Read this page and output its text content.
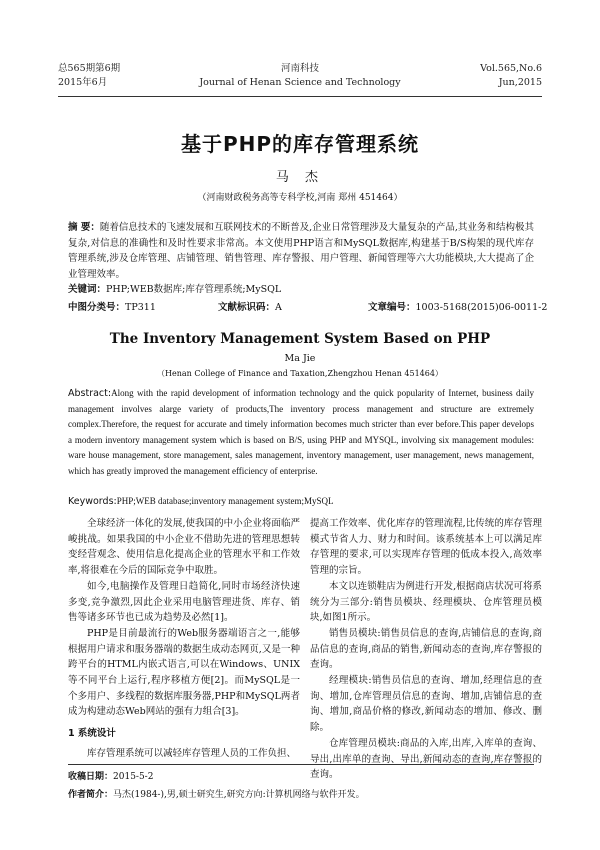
总565期第6期
2015年6月
河南科技
Journal of Henan Science and Technology
Vol.565,No.6
Jun,2015
基于PHP的库存管理系统
马 杰
（河南财政税务高等专科学校,河南 郑州 451464）
摘 要：随着信息技术的飞速发展和互联网技术的不断普及,企业日常管理涉及大量复杂的产品,其业务和结构极其复杂,对信息的准确性和及时性要求非常高。本文使用PHP语言和MySQL数据库,构建基于B/S构架的现代库存管理系统,涉及仓库管理、店铺管理、销售管理、库存警报、用户管理、新闻管理等六大功能模块,大大提高了企业管理效率。
关键词：PHP;WEB数据库;库存管理系统;MySQL
中图分类号：TP311	文献标识码：A	文章编号：1003-5168(2015)06-0011-2
The Inventory Management System Based on PHP
Ma Jie
（Henan College of Finance and Taxation,Zhengzhou Henan 451464）
Abstract:Along with the rapid development of information technology and the quick popularity of Internet, business daily management involves alarge variety of products,The inventory process management and structure are extremely complex.Therefore, the request for accurate and timely information becomes much stricter than ever before.This paper develops a modern inventory management system which is based on B/S, using PHP and MYSQL, involving six management modules: ware house management, store management, sales management, inventory management, user management, news management, which has greatly improved the management efficiency of enterprise.
Keywords:PHP;WEB database;inventory management system;MySQL

全球经济一体化的发展,使我国的中小企业将面临严峻挑战。如果我国的中小企业不借助先进的管理思想转变经营观念、使用信息化提高企业的管理水平和工作效率,将很难在今后的国际竞争中取胜。

如今,电脑操作及管理日趋简化,同时市场经济快速多变,竞争激烈,因此企业采用电脑管理进货、库存、销售等诸多环节也已成为趋势及必然[1]。

PHP是目前最流行的Web服务器端语言之一,能够根据用户请求和服务器端的数据生成动态网页,又是一种跨平台的HTML内嵌式语言,可以在Windows、UNIX等不同平台上运行,程序移植方便[2]。而MySQL是一个多用户、多线程的数据库服务器,PHP和MySQL两者成为构建动态Web网站的强有力组合[3]。

1 系统设计

库存管理系统可以减轻库存管理人员的工作负担、

提高工作效率、优化库存的管理流程,比传统的库存管理模式节省人力、财力和时间。该系统基本上可以满足库存管理的要求,可以实现库存管理的低成本投入,高效率管理的宗旨。

本文以连锁鞋店为例进行开发,根据商店状况可将系统分为三部分:销售员模块、经理模块、仓库管理员模块,如图1所示。

销售员模块:销售员信息的查询,店铺信息的查询,商品信息的查询,商品的销售,新闻动态的查询,库存警报的查询。

经理模块:销售员信息的查询、增加,经理信息的查询、增加,仓库管理员信息的查询、增加,店铺信息的查询、增加,商品价格的修改,新闻动态的增加、修改、删除。

仓库管理员模块:商品的入库,出库,入库单的查询、导出,出库单的查询、导出,新闻动态的查询,库存警报的查询。

收稿日期：2015-5-2
作者简介：马杰(1984-),男,硕士研究生,研究方向:计算机网络与软件开发。
